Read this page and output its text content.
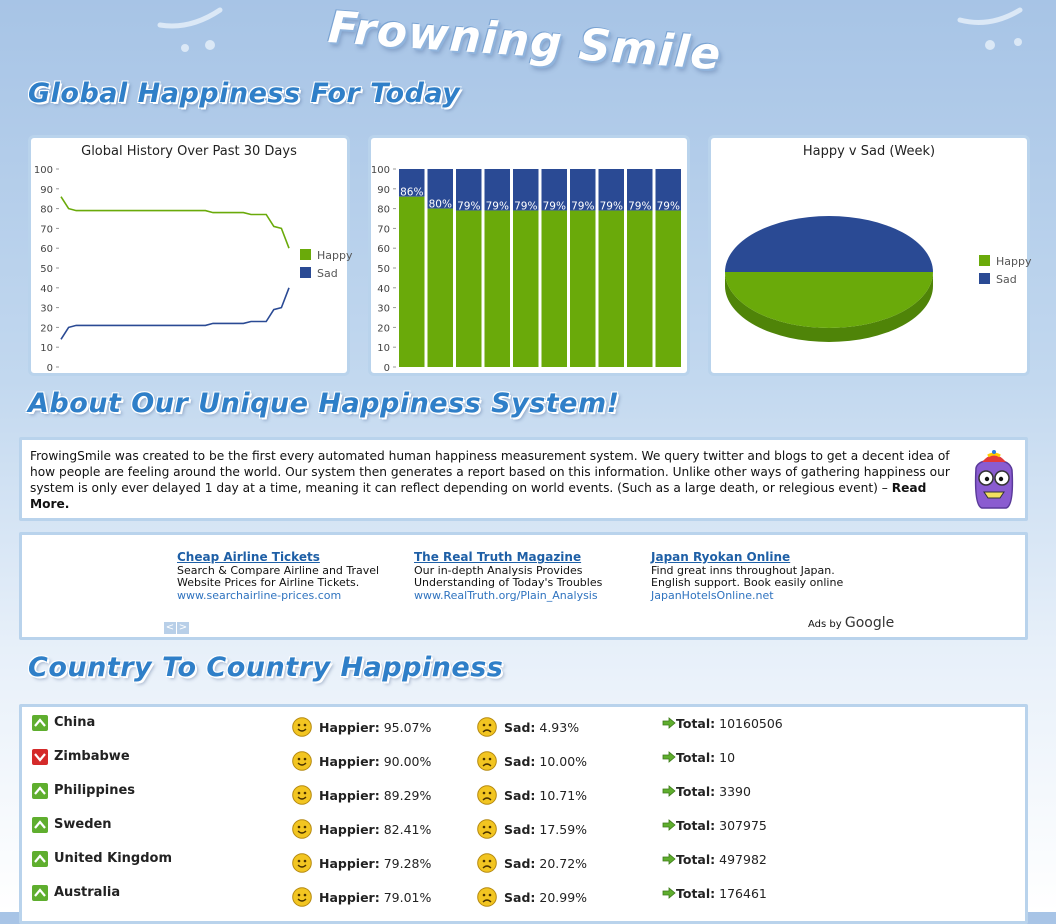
Frowning Smile
Global Happiness For Today
Global History Over Past 30 Days
100
90
80
70
60
50
40
30
20
10
0
Happy
Sad
100
90
80
70
60
50
40
30
20
10
0
86%
80% 79% 79% 79% 79% 79% 79% 79% 79%
Happy v Sad (Week)
Happy
Sad
About Our Unique Happiness System!
FrowingSmile was created to be the first every automated human happiness measurement system. We query twitter and blogs to get a decent idea of how people are feeling around the world. Our system then generates a report based on this information. Unlike other ways of gathering happiness our system is only ever delayed 1 day at a time, meaning it can reflect depending on world events. (Such as a large death, or relegious event) – Read More.
Cheap Airline Tickets
Search & Compare Airline and Travel Website Prices for Airline Tickets.
www.searchairline-prices.com
The Real Truth Magazine
Our in-depth Analysis Provides Understanding of Today's Troubles
www.RealTruth.org/Plain_Analysis
Japan Ryokan Online
Find great inns throughout Japan. English support. Book easily online
JapanHotelsOnline.net
< >	Ads by Google
Country To Country Happiness
China	Happier: 95.07%	Sad: 4.93%	Total: 10160506
Zimbabwe	Happier: 90.00%	Sad: 10.00%	Total: 10
Philippines	Happier: 89.29%	Sad: 10.71%	Total: 3390
Sweden	Happier: 82.41%	Sad: 17.59%	Total: 307975
United Kingdom	Happier: 79.28%	Sad: 20.72%	Total: 497982
Australia	Happier: 79.01%	Sad: 20.99%	Total: 176461
